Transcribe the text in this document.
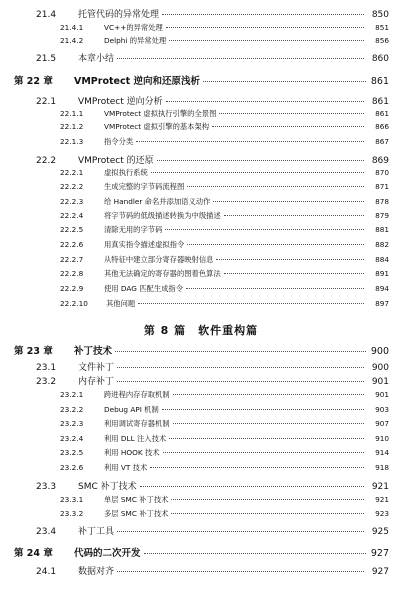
21.4	托管代码的异常处理	850
21.4.1	VC++的异常处理	851
21.4.2	Delphi 的异常处理	856
21.5	本章小结	860
第 22 章	VMProtect 逆向和还原浅析	861
22.1	VMProtect 逆向分析	861
22.1.1	VMProtect 虚拟执行引擎的全景图	861
22.1.2	VMProtect 虚拟引擎的基本架构	866
22.1.3	指令分类	867
22.2	VMProtect 的还原	869
22.2.1	虚拟执行系统	870
22.2.2	生成完整的字节码流程图	871
22.2.3	给 Handler 命名并添加语义动作	878
22.2.4	将字节码的低级描述转换为中级描述	879
22.2.5	清除无用的字节码	881
22.2.6	用真实指令描述虚拟指令	882
22.2.7	从特征中建立部分寄存器映射信息	884
22.2.8	其他无法确定的寄存器的图着色算法	891
22.2.9	使用 DAG 匹配生成指令	894
22.2.10	其他问题	897
第 8 篇　软件重构篇
第 23 章	补丁技术	900
23.1	文件补丁	900
23.2	内存补丁	901
23.2.1	跨进程内存存取机制	901
23.2.2	Debug API 机制	903
23.2.3	利用调试寄存器机制	907
23.2.4	利用 DLL 注入技术	910
23.2.5	利用 HOOK 技术	914
23.2.6	利用 VT 技术	918
23.3	SMC 补丁技术	921
23.3.1	单层 SMC 补丁技术	921
23.3.2	多层 SMC 补丁技术	923
23.4	补丁工具	925
第 24 章	代码的二次开发	927
24.1	数据对齐	927
